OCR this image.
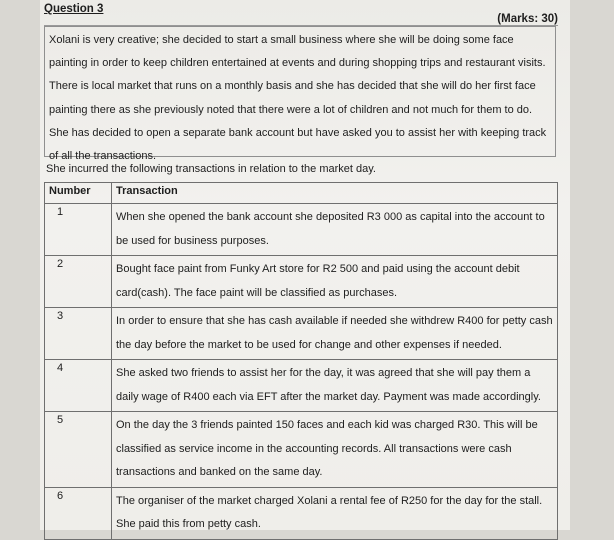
Question 3
(Marks: 30)
Xolani is very creative; she decided to start a small business where she will be doing some face painting in order to keep children entertained at events and during shopping trips and restaurant visits. There is local market that runs on a monthly basis and she has decided that she will do her first face painting there as she previously noted that there were a lot of children and not much for them to do. She has decided to open a separate bank account but have asked you to assist her with keeping track of all the transactions.
She incurred the following transactions in relation to the market day.
Number	Transaction
1	When she opened the bank account she deposited R3 000 as capital into the account to be used for business purposes.
2	Bought face paint from Funky Art store for R2 500 and paid using the account debit card(cash). The face paint will be classified as purchases.
3	In order to ensure that she has cash available if needed she withdrew R400 for petty cash the day before the market to be used for change and other expenses if needed.
4	She asked two friends to assist her for the day, it was agreed that she will pay them a daily wage of R400 each via EFT after the market day. Payment was made accordingly.
5	On the day the 3 friends painted 150 faces and each kid was charged R30. This will be classified as service income in the accounting records. All transactions were cash transactions and banked on the same day.
6	The organiser of the market charged Xolani a rental fee of R250 for the day for the stall. She paid this from petty cash.
